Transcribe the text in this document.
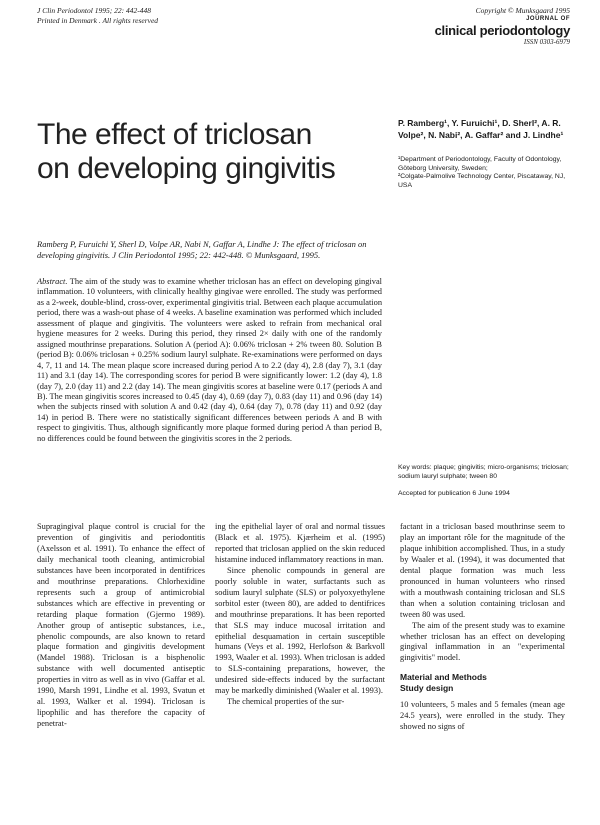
J Clin Periodontol 1995; 22: 442-448
Printed in Denmark . All rights reserved
Copyright © Munksgaard 1995
JOURNAL OF
clinical periodontology
ISSN 0303-6979
The effect of triclosan on developing gingivitis
P. Ramberg¹, Y. Furuichi¹, D. Sherl², A. R. Volpe², N. Nabi², A. Gaffar² and J. Lindhe¹
¹Department of Periodontology, Faculty of Odontology, Göteborg University, Sweden;
²Colgate-Palmolive Technology Center, Piscataway, NJ, USA
Ramberg P, Furuichi Y, Sherl D, Volpe AR, Nabi N, Gaffar A, Lindhe J: The effect of triclosan on developing gingivitis. J Clin Periodontol 1995; 22: 442-448. © Munksgaard, 1995.
Abstract. The aim of the study was to examine whether triclosan has an effect on developing gingival inflammation. 10 volunteers, with clinically healthy gingivae were enrolled. The study was performed as a 2-week, double-blind, cross-over, experimental gingivitis trial. Between each plaque accumulation period, there was a wash-out phase of 4 weeks. A baseline examination was performed which included assessment of plaque and gingivitis. The volunteers were asked to refrain from mechanical oral hygiene measures for 2 weeks. During this period, they rinsed 2× daily with one of the randomly assigned mouthrinse preparations. Solution A (period A): 0.06% triclosan + 2% tween 80. Solution B (period B): 0.06% triclosan + 0.25% sodium lauryl sulphate. Re-examinations were performed on days 4, 7, 11 and 14. The mean plaque score increased during period A to 2.2 (day 4), 2.8 (day 7), 3.1 (day 11) and 3.1 (day 14). The corresponding scores for period B were significantly lower: 1.2 (day 4), 1.8 (day 7), 2.0 (day 11) and 2.2 (day 14). The mean gingivitis scores at baseline were 0.17 (periods A and B). The mean gingivitis scores increased to 0.45 (day 4), 0.69 (day 7), 0.83 (day 11) and 0.96 (day 14) when the subjects rinsed with solution A and 0.42 (day 4), 0.64 (day 7), 0.78 (day 11) and 0.92 (day 14) in period B. There were no statistically significant differences between periods A and B with respect to gingivitis. Thus, although significantly more plaque formed during period A than period B, no differences could be found between the gingivitis scores in the 2 periods.
Key words: plaque; gingivitis; micro-organisms; triclosan; sodium lauryl sulphate; tween 80
Accepted for publication 6 June 1994

Supragingival plaque control is crucial for the prevention of gingivitis and periodontitis (Axelsson et al. 1991). To enhance the effect of daily mechanical tooth cleaning, antimicrobial substances have been incorporated in dentifrices and mouthrinse preparations. Chlorhexidine represents such a group of antimicrobial substances which are effective in preventing or retarding plaque formation (Gjermo 1989). Another group of antiseptic substances, i.e., phenolic compounds, are also known to retard plaque formation and gingivitis development (Mandel 1988). Triclosan is a bisphenolic substance with well documented antiseptic properties in vitro as well as in vivo (Gaffar et al. 1990, Marsh 1991, Lindhe et al. 1993, Svatun et al. 1993, Walker et al. 1994). Triclosan is lipophilic and has therefore the capacity of penetrat-

ing the epithelial layer of oral and normal tissues (Black et al. 1975). Kjærheim et al. (1995) reported that triclosan applied on the skin reduced histamine induced inflammatory reactions in man.

Since phenolic compounds in general are poorly soluble in water, surfactants such as sodium lauryl sulphate (SLS) or polyoxyethylene sorbitol ester (tween 80), are added to dentifrices and mouthrinse preparations. It has been reported that SLS may induce mucosal irritation and epithelial desquamation in certain susceptible humans (Veys et al. 1992, Herlofson & Barkvoll 1993, Waaler et al. 1993). When triclosan is added to SLS-containing preparations, however, the undesired side-effects induced by the surfactant may be markedly diminished (Waaler et al. 1993).

The chemical properties of the sur-

factant in a triclosan based mouthrinse seem to play an important rôle for the magnitude of the plaque inhibition accomplished. Thus, in a study by Waaler et al. (1994), it was documented that dental plaque formation was much less pronounced in human volunteers who rinsed with a mouthwash containing triclosan and SLS than when a solution containing triclosan and tween 80 was used.

The aim of the present study was to examine whether triclosan has an effect on developing gingival inflammation in an "experimental gingivitis" model.

Material and Methods
Study design

10 volunteers, 5 males and 5 females (mean age 24.5 years), were enrolled in the study. They showed no signs of
